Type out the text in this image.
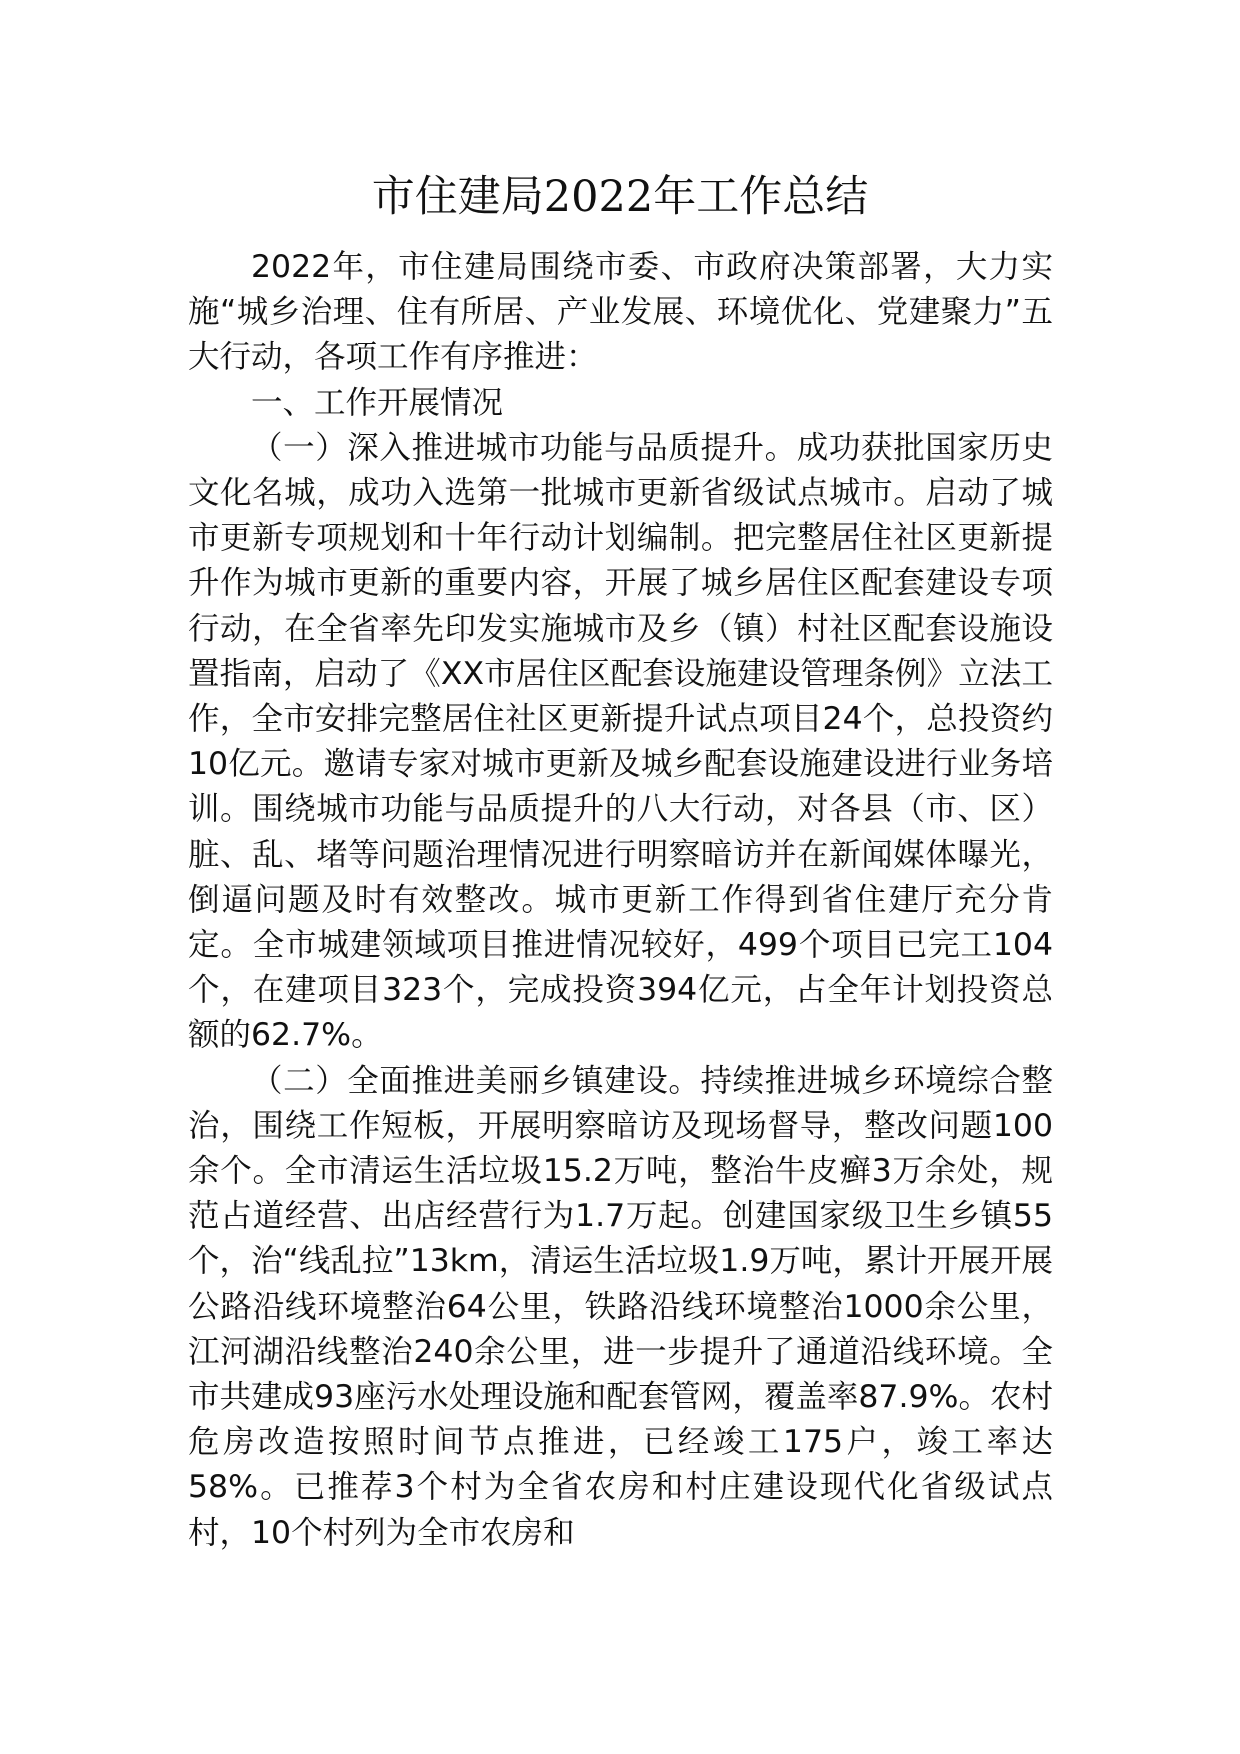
市住建局2022年工作总结

2022年，市住建局围绕市委、市政府决策部署，大力实施“城乡治理、住有所居、产业发展、环境优化、党建聚力”五大行动，各项工作有序推进：

一、工作开展情况

（一）深入推进城市功能与品质提升。成功获批国家历史文化名城，成功入选第一批城市更新省级试点城市。启动了城市更新专项规划和十年行动计划编制。把完整居住社区更新提升作为城市更新的重要内容，开展了城乡居住区配套建设专项行动，在全省率先印发实施城市及乡（镇）村社区配套设施设置指南，启动了《XX市居住区配套设施建设管理条例》立法工作，全市安排完整居住社区更新提升试点项目24个，总投资约10亿元。邀请专家对城市更新及城乡配套设施建设进行业务培训。围绕城市功能与品质提升的八大行动，对各县（市、区）脏、乱、堵等问题治理情况进行明察暗访并在新闻媒体曝光，倒逼问题及时有效整改。城市更新工作得到省住建厅充分肯定。全市城建领域项目推进情况较好，499个项目已完工104个，在建项目323个，完成投资394亿元，占全年计划投资总额的62.7%。

（二）全面推进美丽乡镇建设。持续推进城乡环境综合整治，围绕工作短板，开展明察暗访及现场督导，整改问题100余个。全市清运生活垃圾15.2万吨，整治牛皮癣3万余处，规范占道经营、出店经营行为1.7万起。创建国家级卫生乡镇55个，治“线乱拉”13km，清运生活垃圾1.9万吨，累计开展开展公路沿线环境整治64公里，铁路沿线环境整治1000余公里，江河湖沿线整治240余公里，进一步提升了通道沿线环境。全市共建成93座污水处理设施和配套管网，覆盖率87.9%。农村危房改造按照时间节点推进，已经竣工175户，竣工率达58%。已推荐3个村为全省农房和村庄建设现代化省级试点村，10个村列为全市农房和
